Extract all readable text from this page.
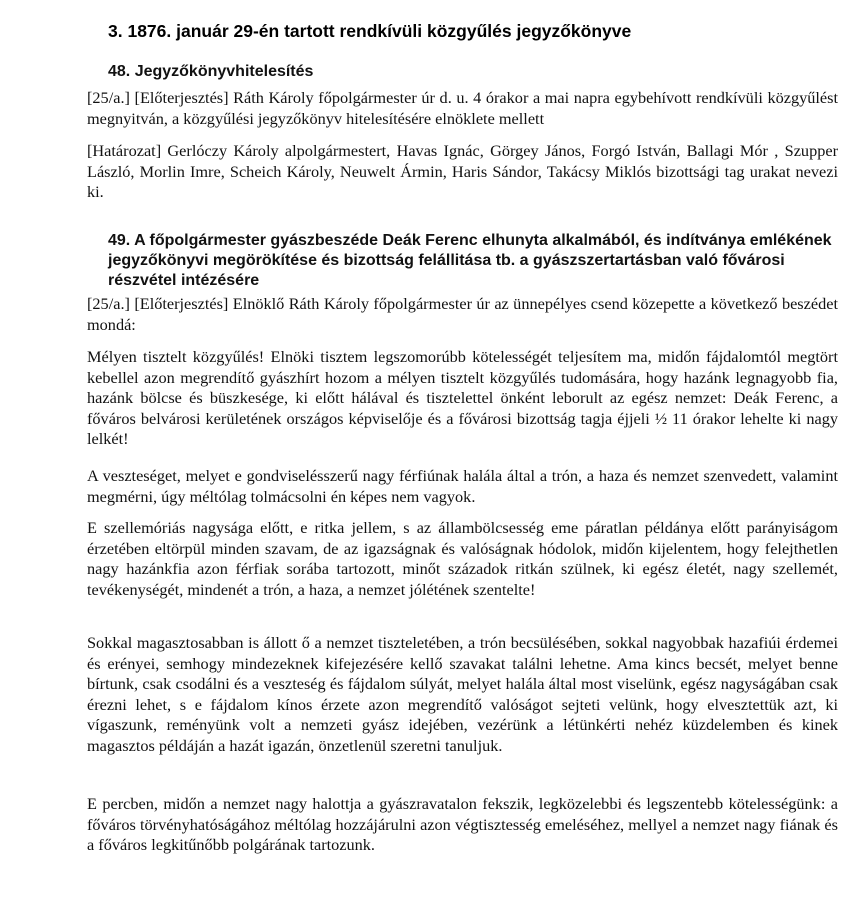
3. 1876. január 29-én tartott rendkívüli közgyűlés jegyzőkönyve
48. Jegyzőkönyvhitelesítés

[25/a.] [Előterjesztés] Ráth Károly főpolgármester úr d. u. 4 órakor a mai napra egybehívott rendkívüli közgyűlést megnyitván, a közgyűlési jegyzőkönyv hitelesítésére elnöklete mellett

[Határozat] Gerlóczy Károly alpolgármestert, Havas Ignác, Görgey János, Forgó István, Ballagi Mór , Szupper László, Morlin Imre, Scheich Károly, Neuwelt Ármin, Haris Sándor, Takácsy Miklós bizottsági tag urakat nevezi ki.

49. A főpolgármester gyászbeszéde Deák Ferenc elhunyta alkalmából, és indítványa emlékének jegyzőkönyvi megörökítése és bizottság felállitása tb. a gyászszertartásban való fővárosi részvétel intézésére

[25/a.] [Előterjesztés] Elnöklő Ráth Károly főpolgármester úr az ünnepélyes csend közepette a következő beszédet mondá:

Mélyen tisztelt közgyűlés! Elnöki tisztem legszomorúbb kötelességét teljesítem ma, midőn fájdalomtól megtört kebellel azon megrendítő gyászhírt hozom a mélyen tisztelt közgyűlés tudomására, hogy hazánk legnagyobb fia, hazánk bölcse és büszkesége, ki előtt hálával és tisztelettel önként leborult az egész nemzet: Deák Ferenc, a főváros belvárosi kerületének országos képviselője és a fővárosi bizottság tagja éjjeli ½ 11 órakor lehelte ki nagy lelkét!

A veszteséget, melyet e gondviselésszerű nagy férfiúnak halála által a trón, a haza és nemzet szenvedett, valamint megmérni, úgy méltólag tolmácsolni én képes nem vagyok.

E szellemóriás nagysága előtt, e ritka jellem, s az állambölcsesség eme páratlan példánya előtt parányiságom érzetében eltörpül minden szavam, de az igazságnak és valóságnak hódolok, midőn kijelentem, hogy felejthetlen nagy hazánkfia azon férfiak sorába tartozott, minőt századok ritkán szülnek, ki egész életét, nagy szellemét, tevékenységét, mindenét a trón, a haza, a nemzet jólétének szentelte!

Sokkal magasztosabban is állott ő a nemzet tiszteletében, a trón becsülésében, sokkal nagyobbak hazafiúi érdemei és erényei, semhogy mindezeknek kifejezésére kellő szavakat találni lehetne. Ama kincs becsét, melyet benne bírtunk, csak csodálni és a veszteség és fájdalom súlyát, melyet halála által most viselünk, egész nagyságában csak érezni lehet, s e fájdalom kínos érzete azon megrendítő valóságot sejteti velünk, hogy elvesztettük azt, ki vígaszunk, reményünk volt a nemzeti gyász idejében, vezérünk a létünkérti nehéz küzdelemben és kinek magasztos példáján a hazát igazán, önzetlenül szeretni tanuljuk.

E percben, midőn a nemzet nagy halottja a gyászravatalon fekszik, legközelebbi és legszentebb kötelességünk: a főváros törvényhatóságához méltólag hozzájárulni azon végtisztesség emeléséhez, mellyel a nemzet nagy fiának és a főváros legkitűnőbb polgárának tartozunk.
